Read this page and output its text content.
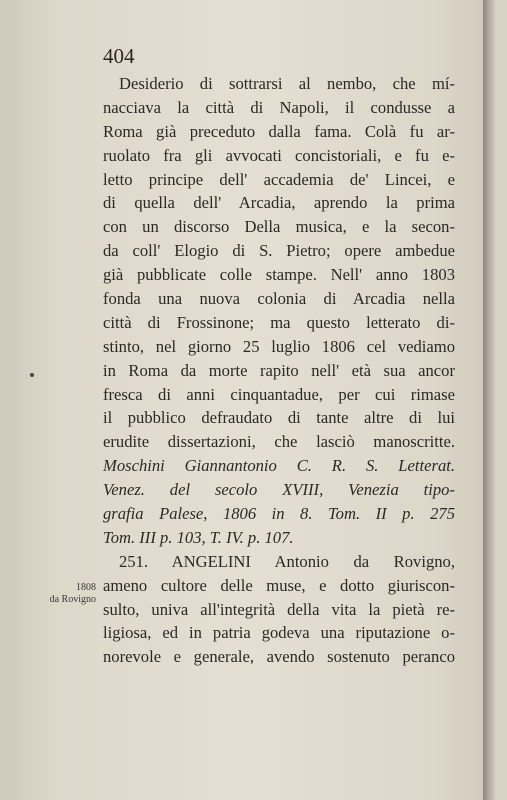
404
Desiderio di sottrarsi al nembo, che mí-
nacciava la città di Napoli, il condusse a
Roma già preceduto dalla fama. Colà fu ar-
ruolato fra gli avvocati concistoriali, e fu e-
letto principe dell' accademia de' Lincei, e
di quella dell' Arcadia, aprendo la prima
con un discorso Della musica, e la secon-
da coll' Elogio di S. Pietro; opere ambedue
già pubblicate colle stampe. Nell' anno 1803
fonda una nuova colonia di Arcadia nella
città di Frossinone; ma questo letterato di-
stinto, nel giorno 25 luglio 1806 cel vediamo
in Roma da morte rapito nell' età sua ancor
fresca di anni cinquantadue, per cui rimase
il pubblico defraudato di tante altre di lui
erudite dissertazioni, che lasciò manoscritte.
Moschini Giannantonio C. R. S. Letterat.
Venez. del secolo XVIII, Venezia tipo-
grafia Palese, 1806 in 8. Tom. II p. 275
Tom. III p. 103, T. IV. p. 107.
251. ANGELINI Antonio da Rovigno,
ameno cultore delle muse, e dotto giuriscon-
sulto, univa all'integrità della vita la pietà re-
ligiosa, ed in patria godeva una riputazione o-
norevole e generale, avendo sostenuto peranco
1808
da Rovigno
